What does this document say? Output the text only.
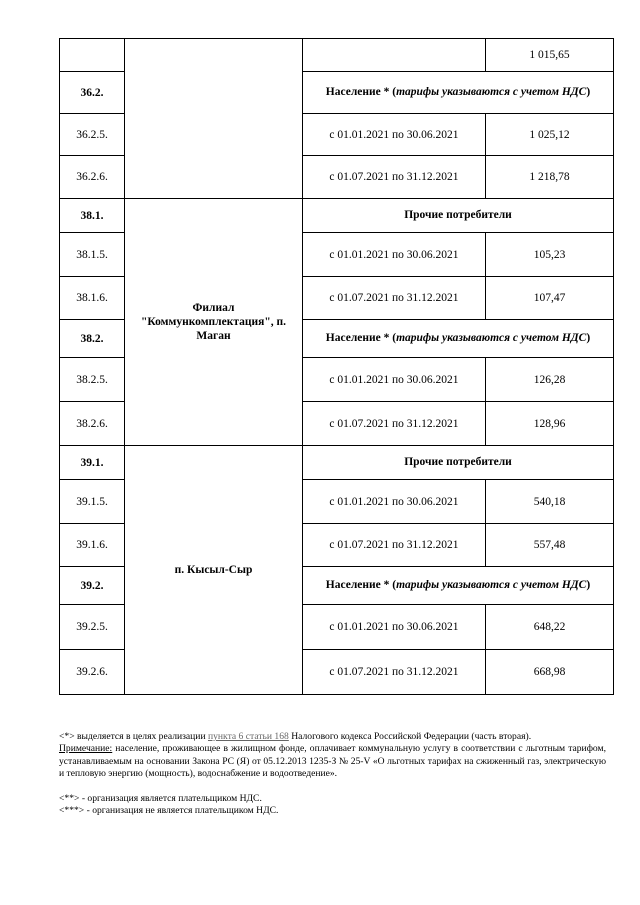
			1 015,65
36.2.		Население * (тарифы указываются с учетом НДС)	
36.2.5.		с 01.01.2021 по 30.06.2021	1 025,12
36.2.6.		с 01.07.2021 по 31.12.2021	1 218,78
38.1.	Филиал "Коммункомплектация", п. Маган	Прочие потребители	
38.1.5.		с 01.01.2021 по 30.06.2021	105,23
38.1.6.		с 01.07.2021 по 31.12.2021	107,47
38.2.		Население * (тарифы указываются с учетом НДС)	
38.2.5.		с 01.01.2021 по 30.06.2021	126,28
38.2.6.		с 01.07.2021 по 31.12.2021	128,96
39.1.	п. Кысыл-Сыр	Прочие потребители	
39.1.5.		с 01.01.2021 по 30.06.2021	540,18
39.1.6.		с 01.07.2021 по 31.12.2021	557,48
39.2.		Население * (тарифы указываются с учетом НДС)	
39.2.5.		с 01.01.2021 по 30.06.2021	648,22
39.2.6.		с 01.07.2021 по 31.12.2021	668,98

<*> выделяется в целях реализации пункта 6 статьи 168 Налогового кодекса Российской Федерации (часть вторая).

Примечание: население, проживающее в жилищном фонде, оплачивает коммунальную услугу в соответствии с льготным тарифом, устанавливаемым на основании Закона РС (Я) от 05.12.2013 1235-З № 25-V «О льготных тарифах на сжиженный газ, электрическую и тепловую энергию (мощность), водоснабжение и водоотведение».

<**> - организация является плательщиком НДС.

<***> - организация не является плательщиком НДС.
